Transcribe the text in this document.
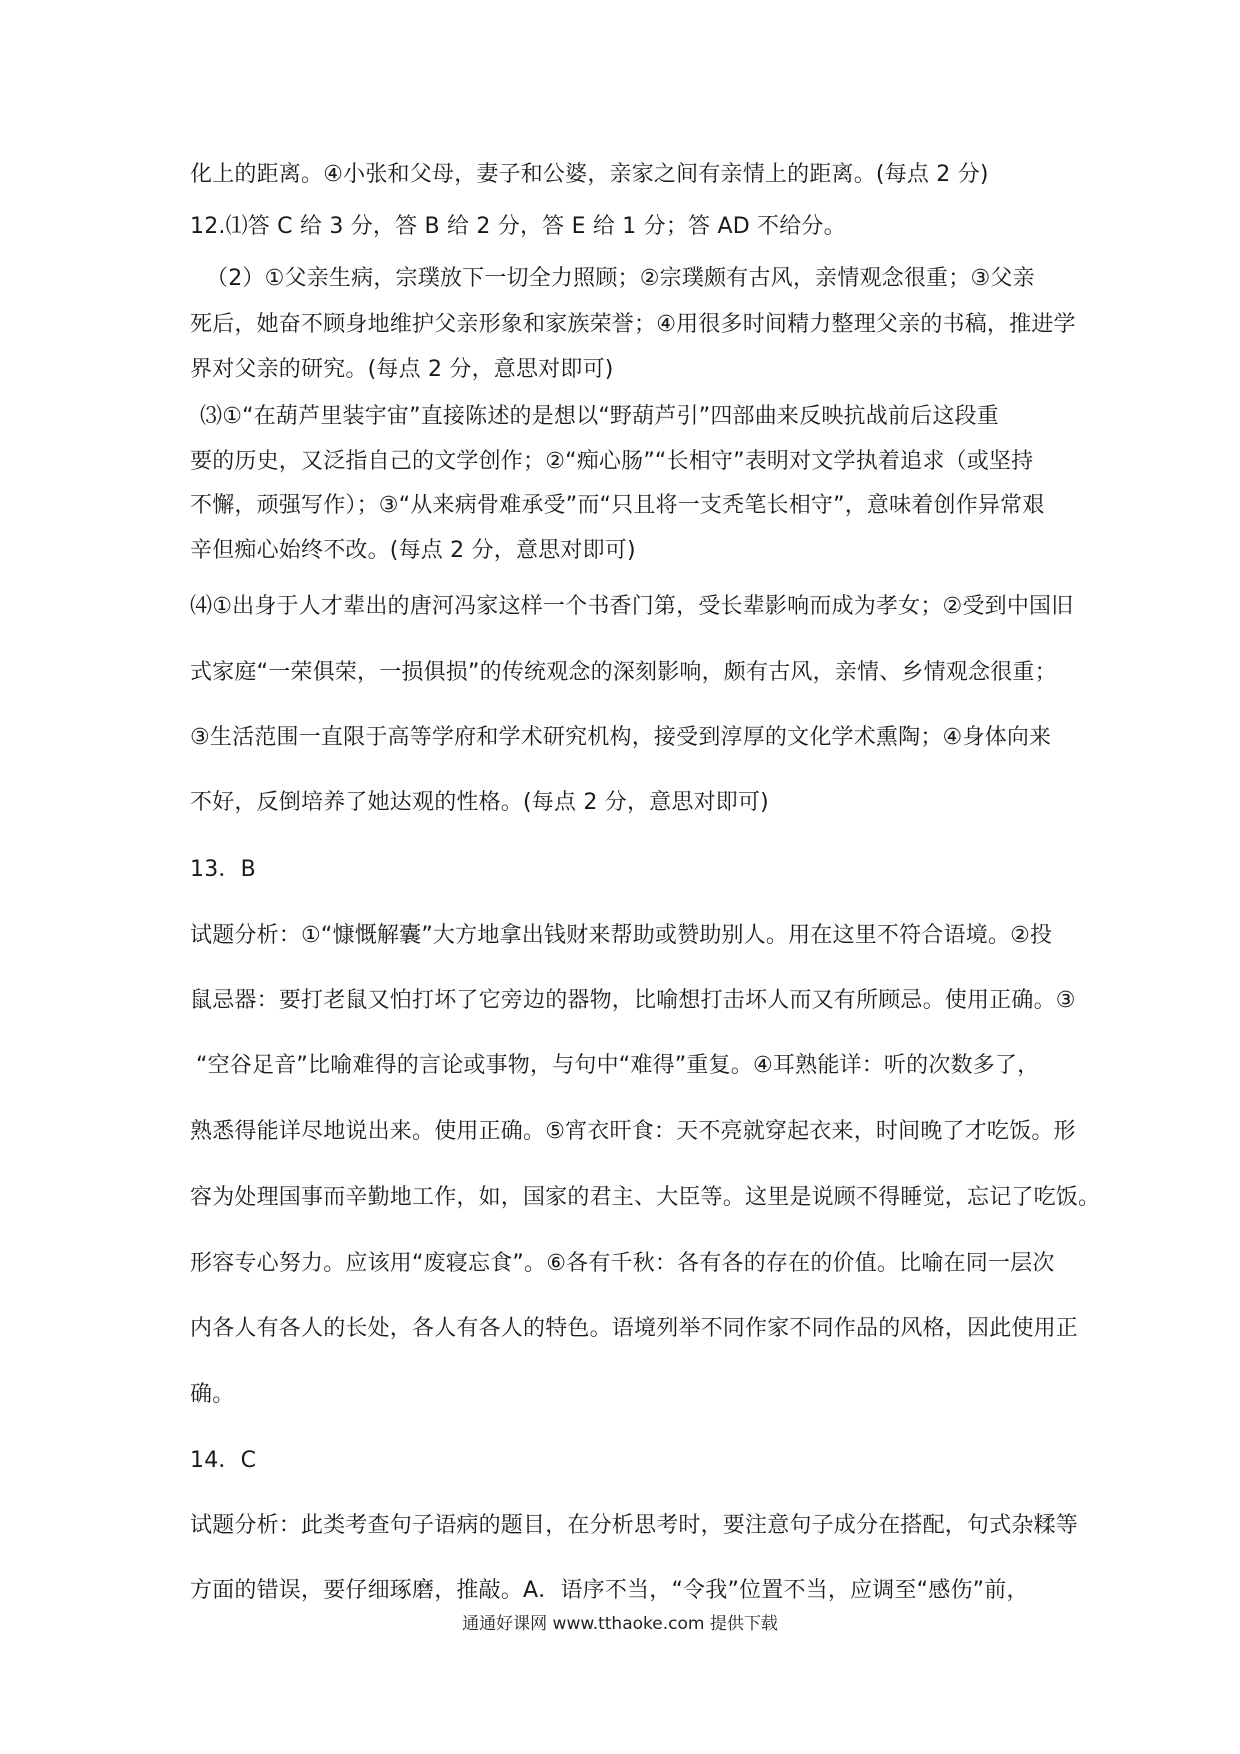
化上的距离。④小张和父母，妻子和公婆，亲家之间有亲情上的距离。(每点 2 分)
12.⑴答 C 给 3 分，答 B 给 2 分，答 E 给 1 分；答 AD 不给分。
（2）①父亲生病，宗璞放下一切全力照顾；②宗璞颇有古风，亲情观念很重；③父亲
死后，她奋不顾身地维护父亲形象和家族荣誉；④用很多时间精力整理父亲的书稿，推进学
界对父亲的研究。(每点 2 分，意思对即可)
⑶①“在葫芦里装宇宙”直接陈述的是想以“野葫芦引”四部曲来反映抗战前后这段重
要的历史，又泛指自己的文学创作；②“痴心肠”“长相守”表明对文学执着追求（或坚持
不懈，顽强写作）；③“从来病骨难承受”而“只且将一支秃笔长相守”，意味着创作异常艰
辛但痴心始终不改。(每点 2 分，意思对即可)
⑷①出身于人才辈出的唐河冯家这样一个书香门第，受长辈影响而成为孝女；②受到中国旧
式家庭“一荣俱荣，一损俱损”的传统观念的深刻影响，颇有古风，亲情、乡情观念很重；
③生活范围一直限于高等学府和学术研究机构，接受到淳厚的文化学术熏陶；④身体向来
不好，反倒培养了她达观的性格。(每点 2 分，意思对即可)
13．B
试题分析：①“慷慨解囊”大方地拿出钱财来帮助或赞助别人。用在这里不符合语境。②投
鼠忌器：要打老鼠又怕打坏了它旁边的器物，比喻想打击坏人而又有所顾忌。使用正确。③
“空谷足音”比喻难得的言论或事物，与句中“难得”重复。④耳熟能详：听的次数多了，
熟悉得能详尽地说出来。使用正确。⑤宵衣旰食：天不亮就穿起衣来，时间晚了才吃饭。形
容为处理国事而辛勤地工作，如，国家的君主、大臣等。这里是说顾不得睡觉，忘记了吃饭。
形容专心努力。应该用“废寝忘食”。⑥各有千秋：各有各的存在的价值。比喻在同一层次
内各人有各人的长处，各人有各人的特色。语境列举不同作家不同作品的风格，因此使用正
确。
14．C
试题分析：此类考查句子语病的题目，在分析思考时，要注意句子成分在搭配，句式杂糅等
方面的错误，要仔细琢磨，推敲。A．语序不当，“令我”位置不当，应调至“感伤”前，
通通好课网 www.tthaoke.com 提供下载
